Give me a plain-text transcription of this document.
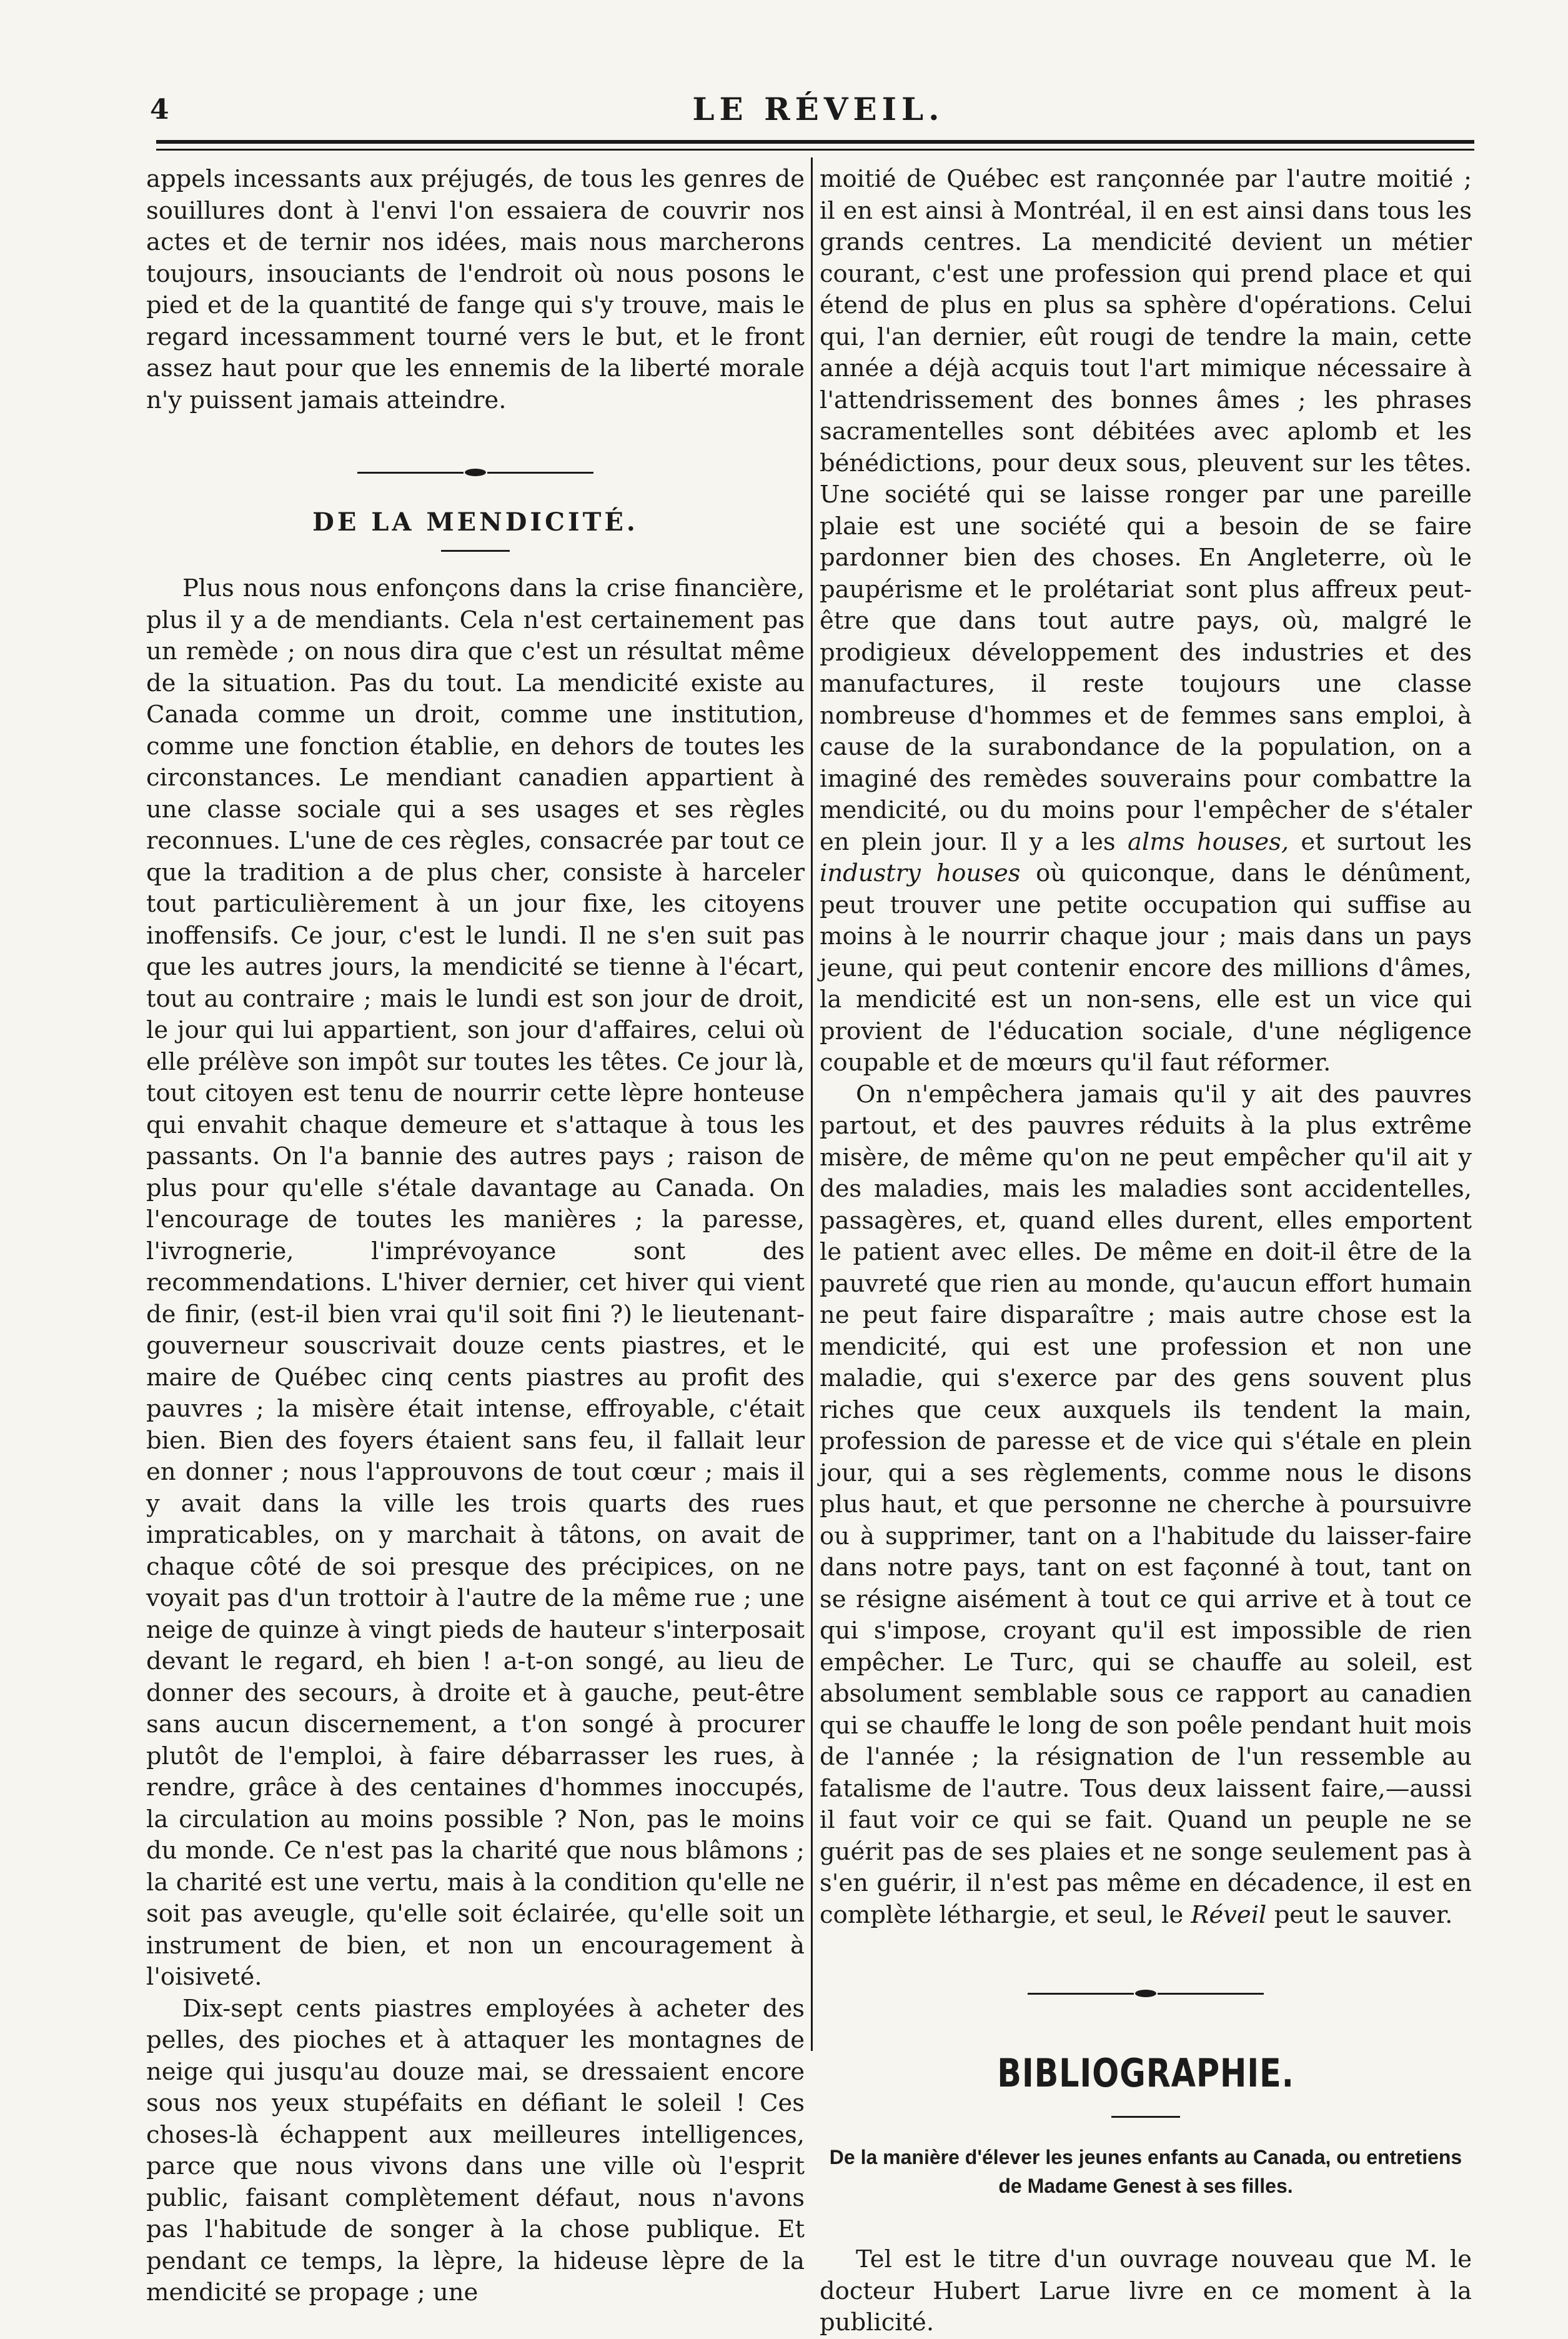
4	LE RÉVEIL.

appels incessants aux préjugés, de tous les genres de souillures dont à l'envi l'on essaiera de couvrir nos actes et de ternir nos idées, mais nous marcherons toujours, insouciants de l'endroit où nous posons le pied et de la quantité de fange qui s'y trouve, mais le regard incessamment tourné vers le but, et le front assez haut pour que les ennemis de la liberté morale n'y puissent jamais atteindre.

DE LA MENDICITÉ.

Plus nous nous enfonçons dans la crise financière, plus il y a de mendiants. Cela n'est certainement pas un remède ; on nous dira que c'est un résultat même de la situation. Pas du tout. La mendicité existe au Canada comme un droit, comme une institution, comme une fonction établie, en dehors de toutes les circonstances. Le mendiant canadien appartient à une classe sociale qui a ses usages et ses règles reconnues. L'une de ces règles, consacrée par tout ce que la tradition a de plus cher, consiste à harceler tout particulièrement à un jour fixe, les citoyens inoffensifs. Ce jour, c'est le lundi. Il ne s'en suit pas que les autres jours, la mendicité se tienne à l'écart, tout au contraire ; mais le lundi est son jour de droit, le jour qui lui appartient, son jour d'affaires, celui où elle prélève son impôt sur toutes les têtes. Ce jour là, tout citoyen est tenu de nourrir cette lèpre honteuse qui envahit chaque demeure et s'attaque à tous les passants. On l'a bannie des autres pays ; raison de plus pour qu'elle s'étale davantage au Canada. On l'encourage de toutes les manières ; la paresse, l'ivrognerie, l'imprévoyance sont des recommendations. L'hiver dernier, cet hiver qui vient de finir, (est-il bien vrai qu'il soit fini ?) le lieutenant-gouverneur souscrivait douze cents piastres, et le maire de Québec cinq cents piastres au profit des pauvres ; la misère était intense, effroyable, c'était bien. Bien des foyers étaient sans feu, il fallait leur en donner ; nous l'approuvons de tout cœur ; mais il y avait dans la ville les trois quarts des rues impraticables, on y marchait à tâtons, on avait de chaque côté de soi presque des précipices, on ne voyait pas d'un trottoir à l'autre de la même rue ; une neige de quinze à vingt pieds de hauteur s'interposait devant le regard, eh bien ! a-t-on songé, au lieu de donner des secours, à droite et à gauche, peut-être sans aucun discernement, a t'on songé à procurer plutôt de l'emploi, à faire débarrasser les rues, à rendre, grâce à des centaines d'hommes inoccupés, la circulation au moins possible ? Non, pas le moins du monde. Ce n'est pas la charité que nous blâmons ; la charité est une vertu, mais à la condition qu'elle ne soit pas aveugle, qu'elle soit éclairée, qu'elle soit un instrument de bien, et non un encouragement à l'oisiveté.

Dix-sept cents piastres employées à acheter des pelles, des pioches et à attaquer les montagnes de neige qui jusqu'au douze mai, se dressaient encore sous nos yeux stupéfaits en défiant le soleil ! Ces choses-là échappent aux meilleures intelligences, parce que nous vivons dans une ville où l'esprit public, faisant complètement défaut, nous n'avons pas l'habitude de songer à la chose publique. Et pendant ce temps, la lèpre, la hideuse lèpre de la mendicité se propage ; une

moitié de Québec est rançonnée par l'autre moitié ; il en est ainsi à Montréal, il en est ainsi dans tous les grands centres. La mendicité devient un métier courant, c'est une profession qui prend place et qui étend de plus en plus sa sphère d'opérations. Celui qui, l'an dernier, eût rougi de tendre la main, cette année a déjà acquis tout l'art mimique nécessaire à l'attendrissement des bonnes âmes ; les phrases sacramentelles sont débitées avec aplomb et les bénédictions, pour deux sous, pleuvent sur les têtes. Une société qui se laisse ronger par une pareille plaie est une société qui a besoin de se faire pardonner bien des choses. En Angleterre, où le paupérisme et le prolétariat sont plus affreux peut-être que dans tout autre pays, où, malgré le prodigieux développement des industries et des manufactures, il reste toujours une classe nombreuse d'hommes et de femmes sans emploi, à cause de la surabondance de la population, on a imaginé des remèdes souverains pour combattre la mendicité, ou du moins pour l'empêcher de s'étaler en plein jour. Il y a les alms houses, et surtout les industry houses où quiconque, dans le dénûment, peut trouver une petite occupation qui suffise au moins à le nourrir chaque jour ; mais dans un pays jeune, qui peut contenir encore des millions d'âmes, la mendicité est un non-sens, elle est un vice qui provient de l'éducation sociale, d'une négligence coupable et de mœurs qu'il faut réformer.

On n'empêchera jamais qu'il y ait des pauvres partout, et des pauvres réduits à la plus extrême misère, de même qu'on ne peut empêcher qu'il ait y des maladies, mais les maladies sont accidentelles, passagères, et, quand elles durent, elles emportent le patient avec elles. De même en doit-il être de la pauvreté que rien au monde, qu'aucun effort humain ne peut faire disparaître ; mais autre chose est la mendicité, qui est une profession et non une maladie, qui s'exerce par des gens souvent plus riches que ceux auxquels ils tendent la main, profession de paresse et de vice qui s'étale en plein jour, qui a ses règlements, comme nous le disons plus haut, et que personne ne cherche à poursuivre ou à supprimer, tant on a l'habitude du laisser-faire dans notre pays, tant on est façonné à tout, tant on se résigne aisément à tout ce qui arrive et à tout ce qui s'impose, croyant qu'il est impossible de rien empêcher. Le Turc, qui se chauffe au soleil, est absolument semblable sous ce rapport au canadien qui se chauffe le long de son poêle pendant huit mois de l'année ; la résignation de l'un ressemble au fatalisme de l'autre. Tous deux laissent faire,—aussi il faut voir ce qui se fait. Quand un peuple ne se guérit pas de ses plaies et ne songe seulement pas à s'en guérir, il n'est pas même en décadence, il est en complète léthargie, et seul, le Réveil peut le sauver.

BIBLIOGRAPHIE.
De la manière d'élever les jeunes enfants au Canada, ou entretiens de Madame Genest à ses filles.

Tel est le titre d'un ouvrage nouveau que M. le docteur Hubert Larue livre en ce moment à la publicité.
